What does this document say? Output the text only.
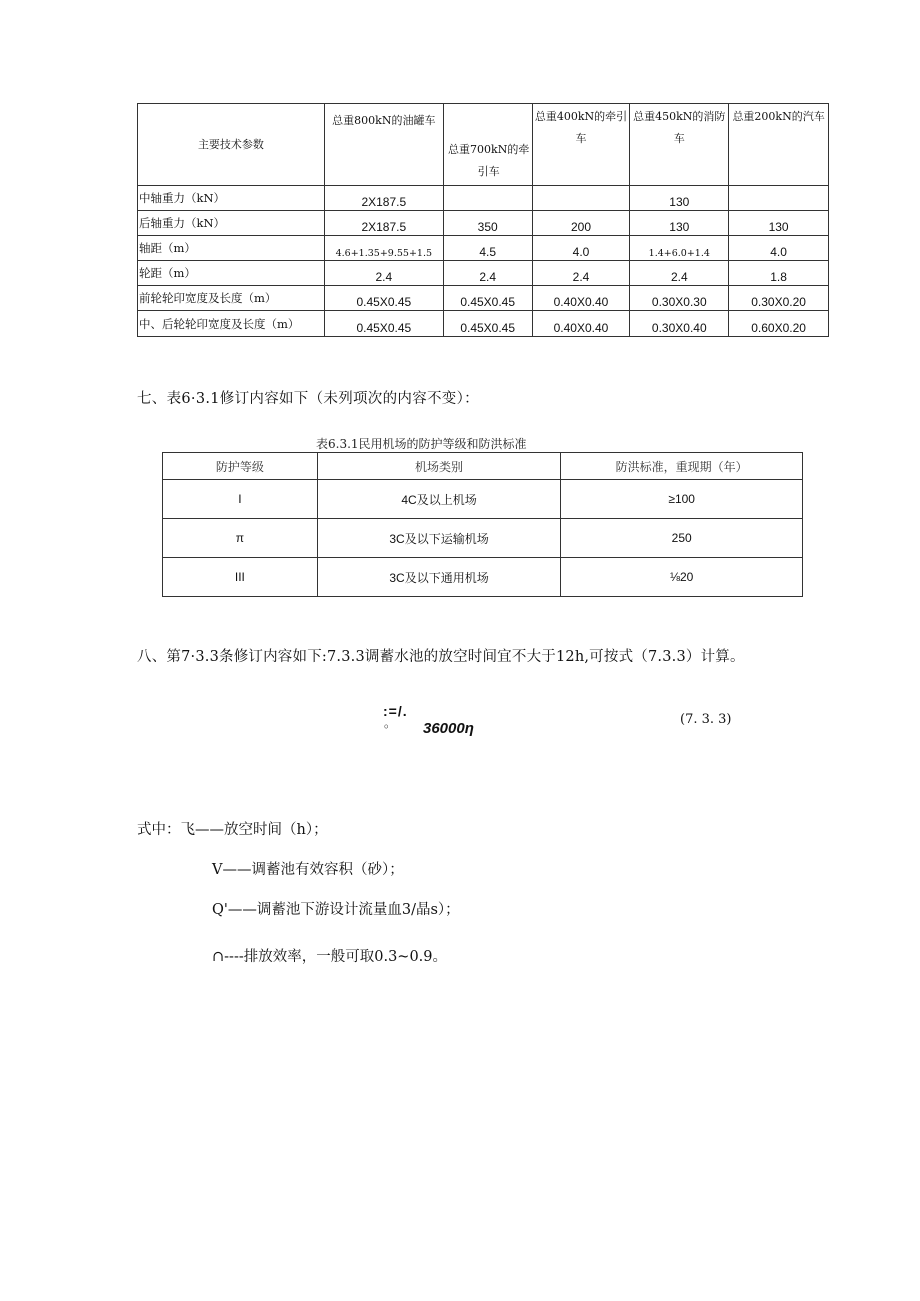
主要技术参数	总重800kN的油罐车	总重700kN的牵引车	总重400kN的牵引车	总重450kN的消防车	总重200kN的汽车
中轴重力（kN）	2X187.5			130	
后轴重力（kN）	2X187.5	350	200	130	130
轴距（m）	4.6+1.35+9.55+1.5	4.5	4.0	1.4+6.0+1.4	4.0
轮距（m）	2.4	2.4	2.4	2.4	1.8
前轮轮印宽度及长度（m）	0.45X0.45	0.45X0.45	0.40X0.40	0.30X0.30	0.30X0.20
中、后轮轮印宽度及长度（m）	0.45X0.45	0.45X0.45	0.40X0.40	0.30X0.40	0.60X0.20
七、表6·3.1修订内容如下（未列项次的内容不变）：
表6.3.1民用机场的防护等级和防洪标准
防护等级	机场类别	防洪标准，重现期（年）
I	4C及以上机场	≥100
π	3C及以下运输机场	250
III	3C及以下通用机场	⅛20
八、第7·3.3条修订内容如下:7.3.3调蓄水池的放空时间宜不大于12h,可按式（7.3.3）计算。
:=/.
。 36000η
(7. 3. 3)
式中：飞——放空时间（h）；
V——调蓄池有效容积（砂）；
Q'——调蓄池下游设计流量血3/晶s）；
∩----排放效率，一般可取0.3~0.9。
